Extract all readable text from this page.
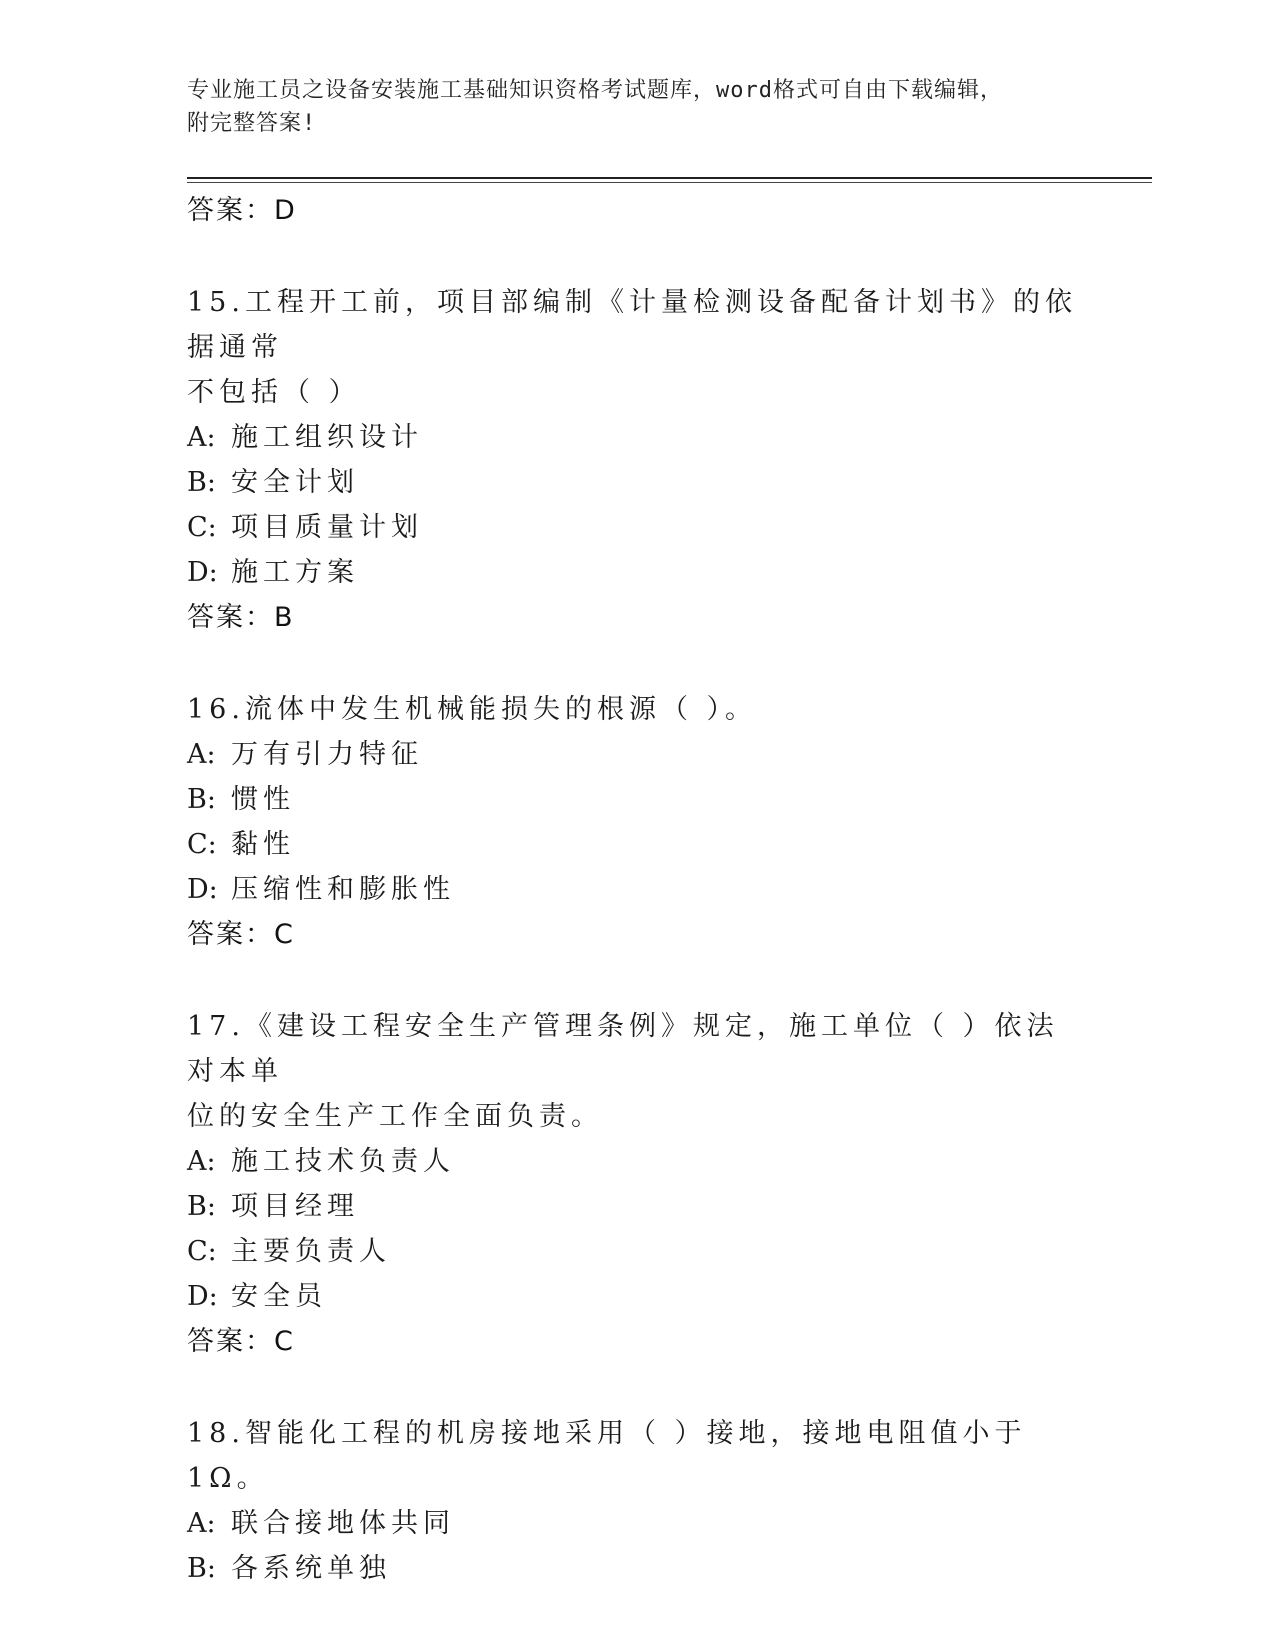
专业施工员之设备安装施工基础知识资格考试题库，word格式可自由下载编辑，
附完整答案!
答案：D
15.工程开工前，项目部编制《计量检测设备配备计划书》的依据通常
不包括（ ）
A: 施工组织设计
B: 安全计划
C: 项目质量计划
D: 施工方案
答案：B
16.流体中发生机械能损失的根源（ ）。
A: 万有引力特征
B: 惯性
C: 黏性
D: 压缩性和膨胀性
答案：C
17.《建设工程安全生产管理条例》规定，施工单位（ ）依法对本单
位的安全生产工作全面负责。
A: 施工技术负责人
B: 项目经理
C: 主要负责人
D: 安全员
答案：C
18.智能化工程的机房接地采用（ ）接地，接地电阻值小于1Ω。
A: 联合接地体共同
B: 各系统单独
